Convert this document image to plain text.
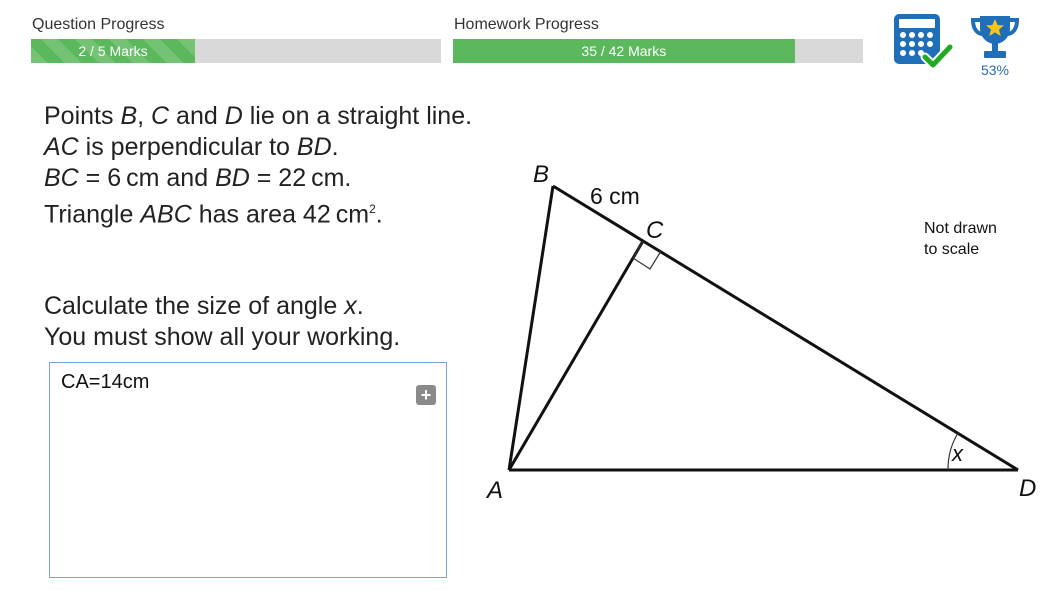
Question Progress
2 / 5 Marks
Homework Progress
35 / 42 Marks
53%
Points B, C and D lie on a straight line.
AC is perpendicular to BD.
BC = 6 cm and BD = 22 cm.
Triangle ABC has area 42 $cm^2$.
Calculate the size of angle x.
You must show all your working.
CA=14cm
+
B
C
A	D
6 cm
x
Not drawn
to scale
